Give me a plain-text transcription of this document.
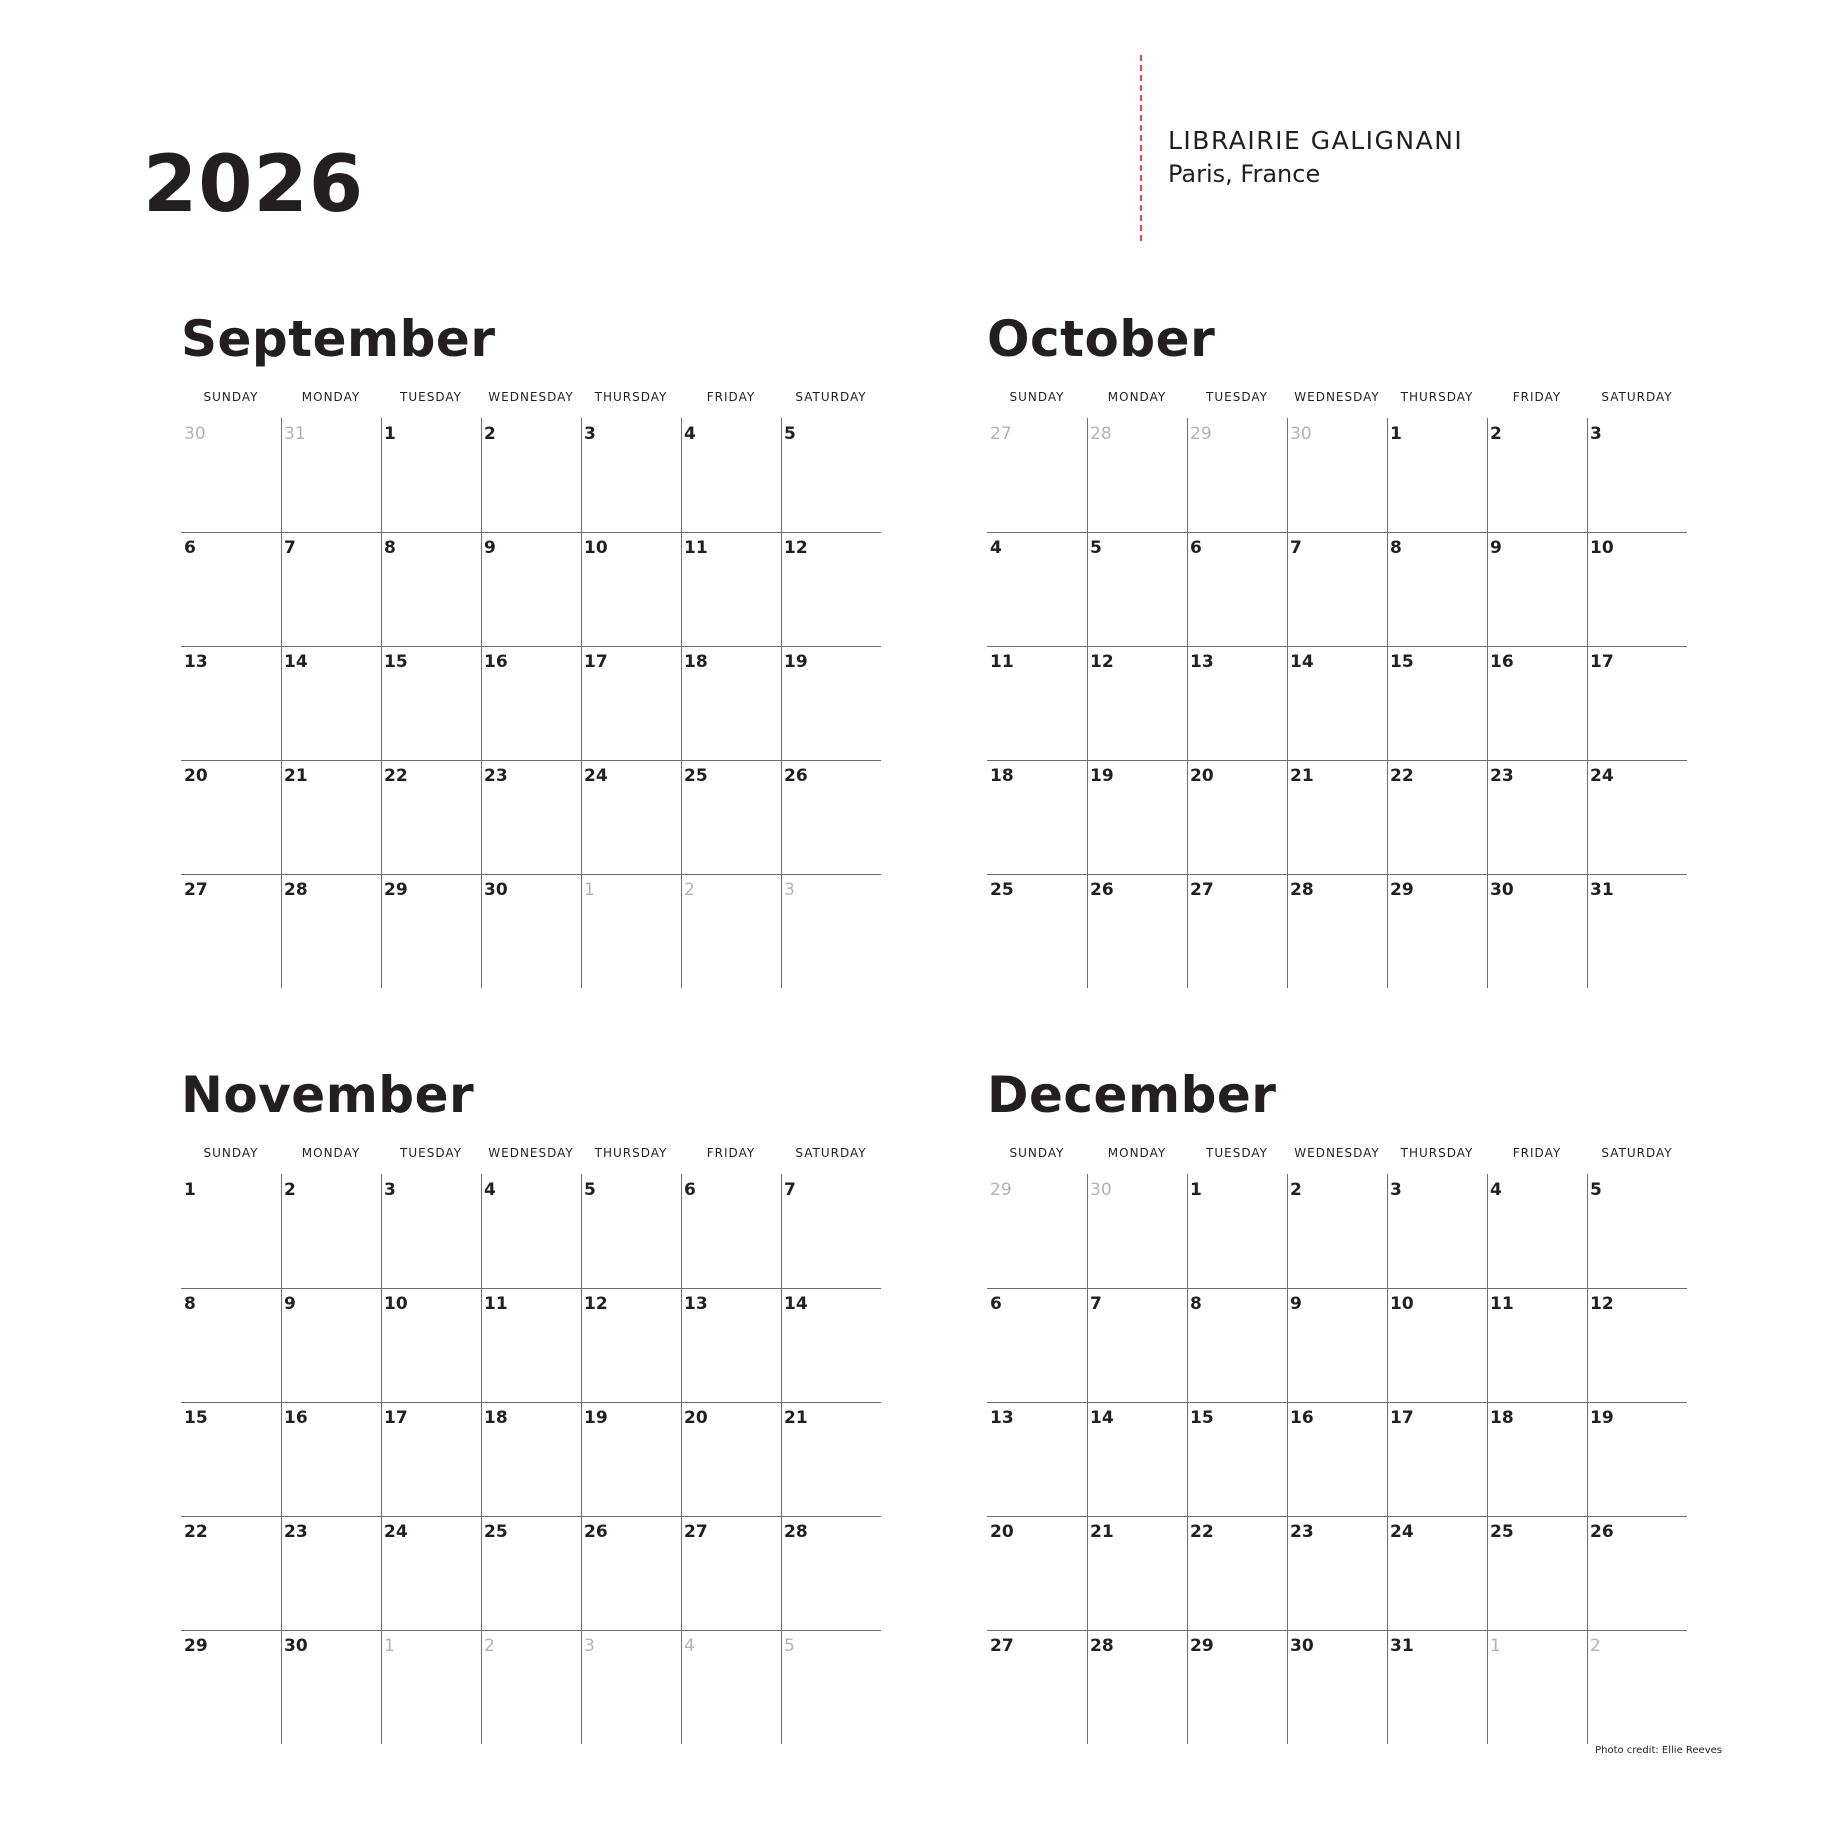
2026	LIBRAIRIE GALIGNANI
Paris, France
September
SUNDAY	MONDAY	TUESDAY	WEDNESDAY	THURSDAY	FRIDAY	SATURDAY
30	31	1	2	3	4	5
6	7	8	9	10	11	12
13	14	15	16	17	18	19
20	21	22	23	24	25	26
27	28	29	30	1	2	3
October
SUNDAY	MONDAY	TUESDAY	WEDNESDAY	THURSDAY	FRIDAY	SATURDAY
27	28	29	30	1	2	3
4	5	6	7	8	9	10
11	12	13	14	15	16	17
18	19	20	21	22	23	24
25	26	27	28	29	30	31
November
SUNDAY	MONDAY	TUESDAY	WEDNESDAY	THURSDAY	FRIDAY	SATURDAY
1	2	3	4	5	6	7
8	9	10	11	12	13	14
15	16	17	18	19	20	21
22	23	24	25	26	27	28
29	30	1	2	3	4	5
December
SUNDAY	MONDAY	TUESDAY	WEDNESDAY	THURSDAY	FRIDAY	SATURDAY
29	30	1	2	3	4	5
6	7	8	9	10	11	12
13	14	15	16	17	18	19
20	21	22	23	24	25	26
27	28	29	30	31	1	2
Photo credit: Ellie Reeves
